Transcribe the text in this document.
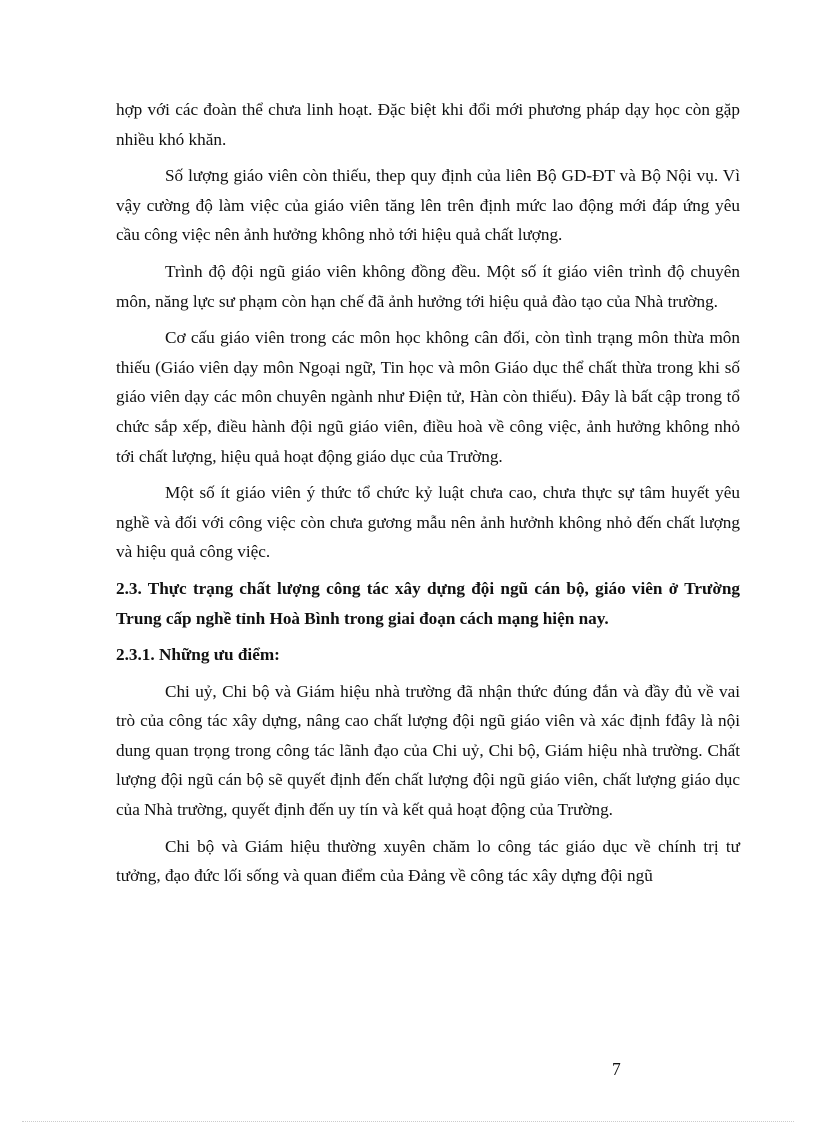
hợp với các đoàn thể chưa linh hoạt. Đặc biệt khi đổi mới phương pháp dạy học còn gặp nhiều khó khăn.

Số lượng giáo viên còn thiếu, thep quy định của liên Bộ GD-ĐT và Bộ Nội vụ. Vì vậy cường độ làm việc của giáo viên tăng lên trên định mức lao động mới đáp ứng yêu cầu công việc nên ảnh hưởng không nhỏ tới hiệu quả chất lượng.

Trình độ đội ngũ giáo viên không đồng đều. Một số ít giáo viên trình độ chuyên môn, năng lực sư phạm còn hạn chế đã ảnh hưởng tới hiệu quả đào tạo của Nhà trường.

Cơ cấu giáo viên trong các môn học không cân đối, còn tình trạng môn thừa môn thiếu (Giáo viên dạy môn Ngoại ngữ, Tin học và môn Giáo dục thể chất thừa trong khi số giáo viên dạy các môn chuyên ngành như Điện tử, Hàn còn thiếu). Đây là bất cập trong tổ chức sắp xếp, điều hành đội ngũ giáo viên, điều hoà về công việc, ảnh hưởng không nhỏ tới chất lượng, hiệu quả hoạt động giáo dục của Trường.

Một số ít giáo viên ý thức tổ chức kỷ luật chưa cao, chưa thực sự tâm huyết yêu nghề và đối với công việc còn chưa gương mẫu nên ảnh hưởnh không nhỏ đến chất lượng và hiệu quả công việc.

2.3. Thực trạng chất lượng công tác xây dựng đội ngũ cán bộ, giáo viên ở Trường Trung cấp nghề tỉnh Hoà Bình trong giai đoạn cách mạng hiện nay.

2.3.1. Những ưu điểm:

Chi uỷ, Chi bộ và Giám hiệu nhà trường đã nhận thức đúng đắn và đầy đủ về vai trò của công tác xây dựng, nâng cao chất lượng đội ngũ giáo viên và xác định fđây là nội dung quan trọng trong công tác lãnh đạo của Chi uỷ, Chi bộ, Giám hiệu nhà trường. Chất lượng đội ngũ cán bộ sẽ quyết định đến chất lượng đội ngũ giáo viên, chất lượng giáo dục của Nhà trường, quyết định đến uy tín và kết quả hoạt động của Trường.

Chi bộ và Giám hiệu thường xuyên chăm lo công tác giáo dục về chính trị tư tưởng, đạo đức lối sống và quan điểm của Đảng về công tác xây dựng đội ngũ

7
